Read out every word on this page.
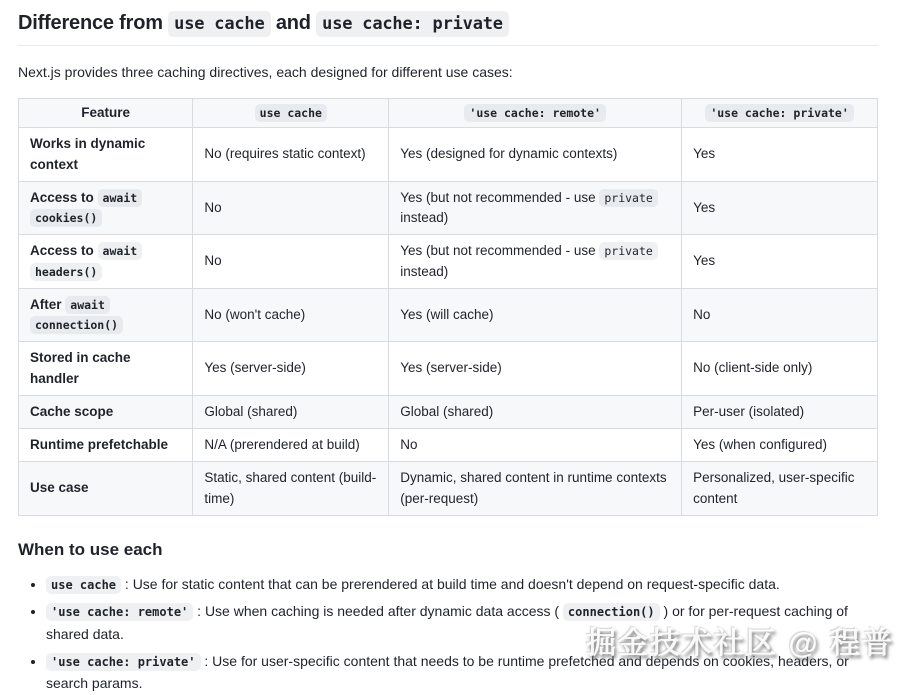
Difference from use cache and use cache: private

Next.js provides three caching directives, each designed for different use cases:

Feature	use cache	'use cache: remote'	'use cache: private'
Works in dynamic context	No (requires static context)	Yes (designed for dynamic contexts)	Yes
Access to await cookies()	No	Yes (but not recommended - use private instead)	Yes
Access to await headers()	No	Yes (but not recommended - use private instead)	Yes
After await connection()	No (won't cache)	Yes (will cache)	No
Stored in cache handler	Yes (server-side)	Yes (server-side)	No (client-side only)
Cache scope	Global (shared)	Global (shared)	Per-user (isolated)
Runtime prefetchable	N/A (prerendered at build)	No	Yes (when configured)
Use case	Static, shared content (build-time)	Dynamic, shared content in runtime contexts (per-request)	Personalized, user-specific content
When to use each
• use cache : Use for static content that can be prerendered at build time and doesn't depend on request-specific data.
• 'use cache: remote' : Use when caching is needed after dynamic data access ( connection() ) or for per-request caching of shared data.
• 'use cache: private' : Use for user-specific content that needs to be runtime prefetched and depends on cookies, headers, or search params.
掘金技术社区 @ 程普
